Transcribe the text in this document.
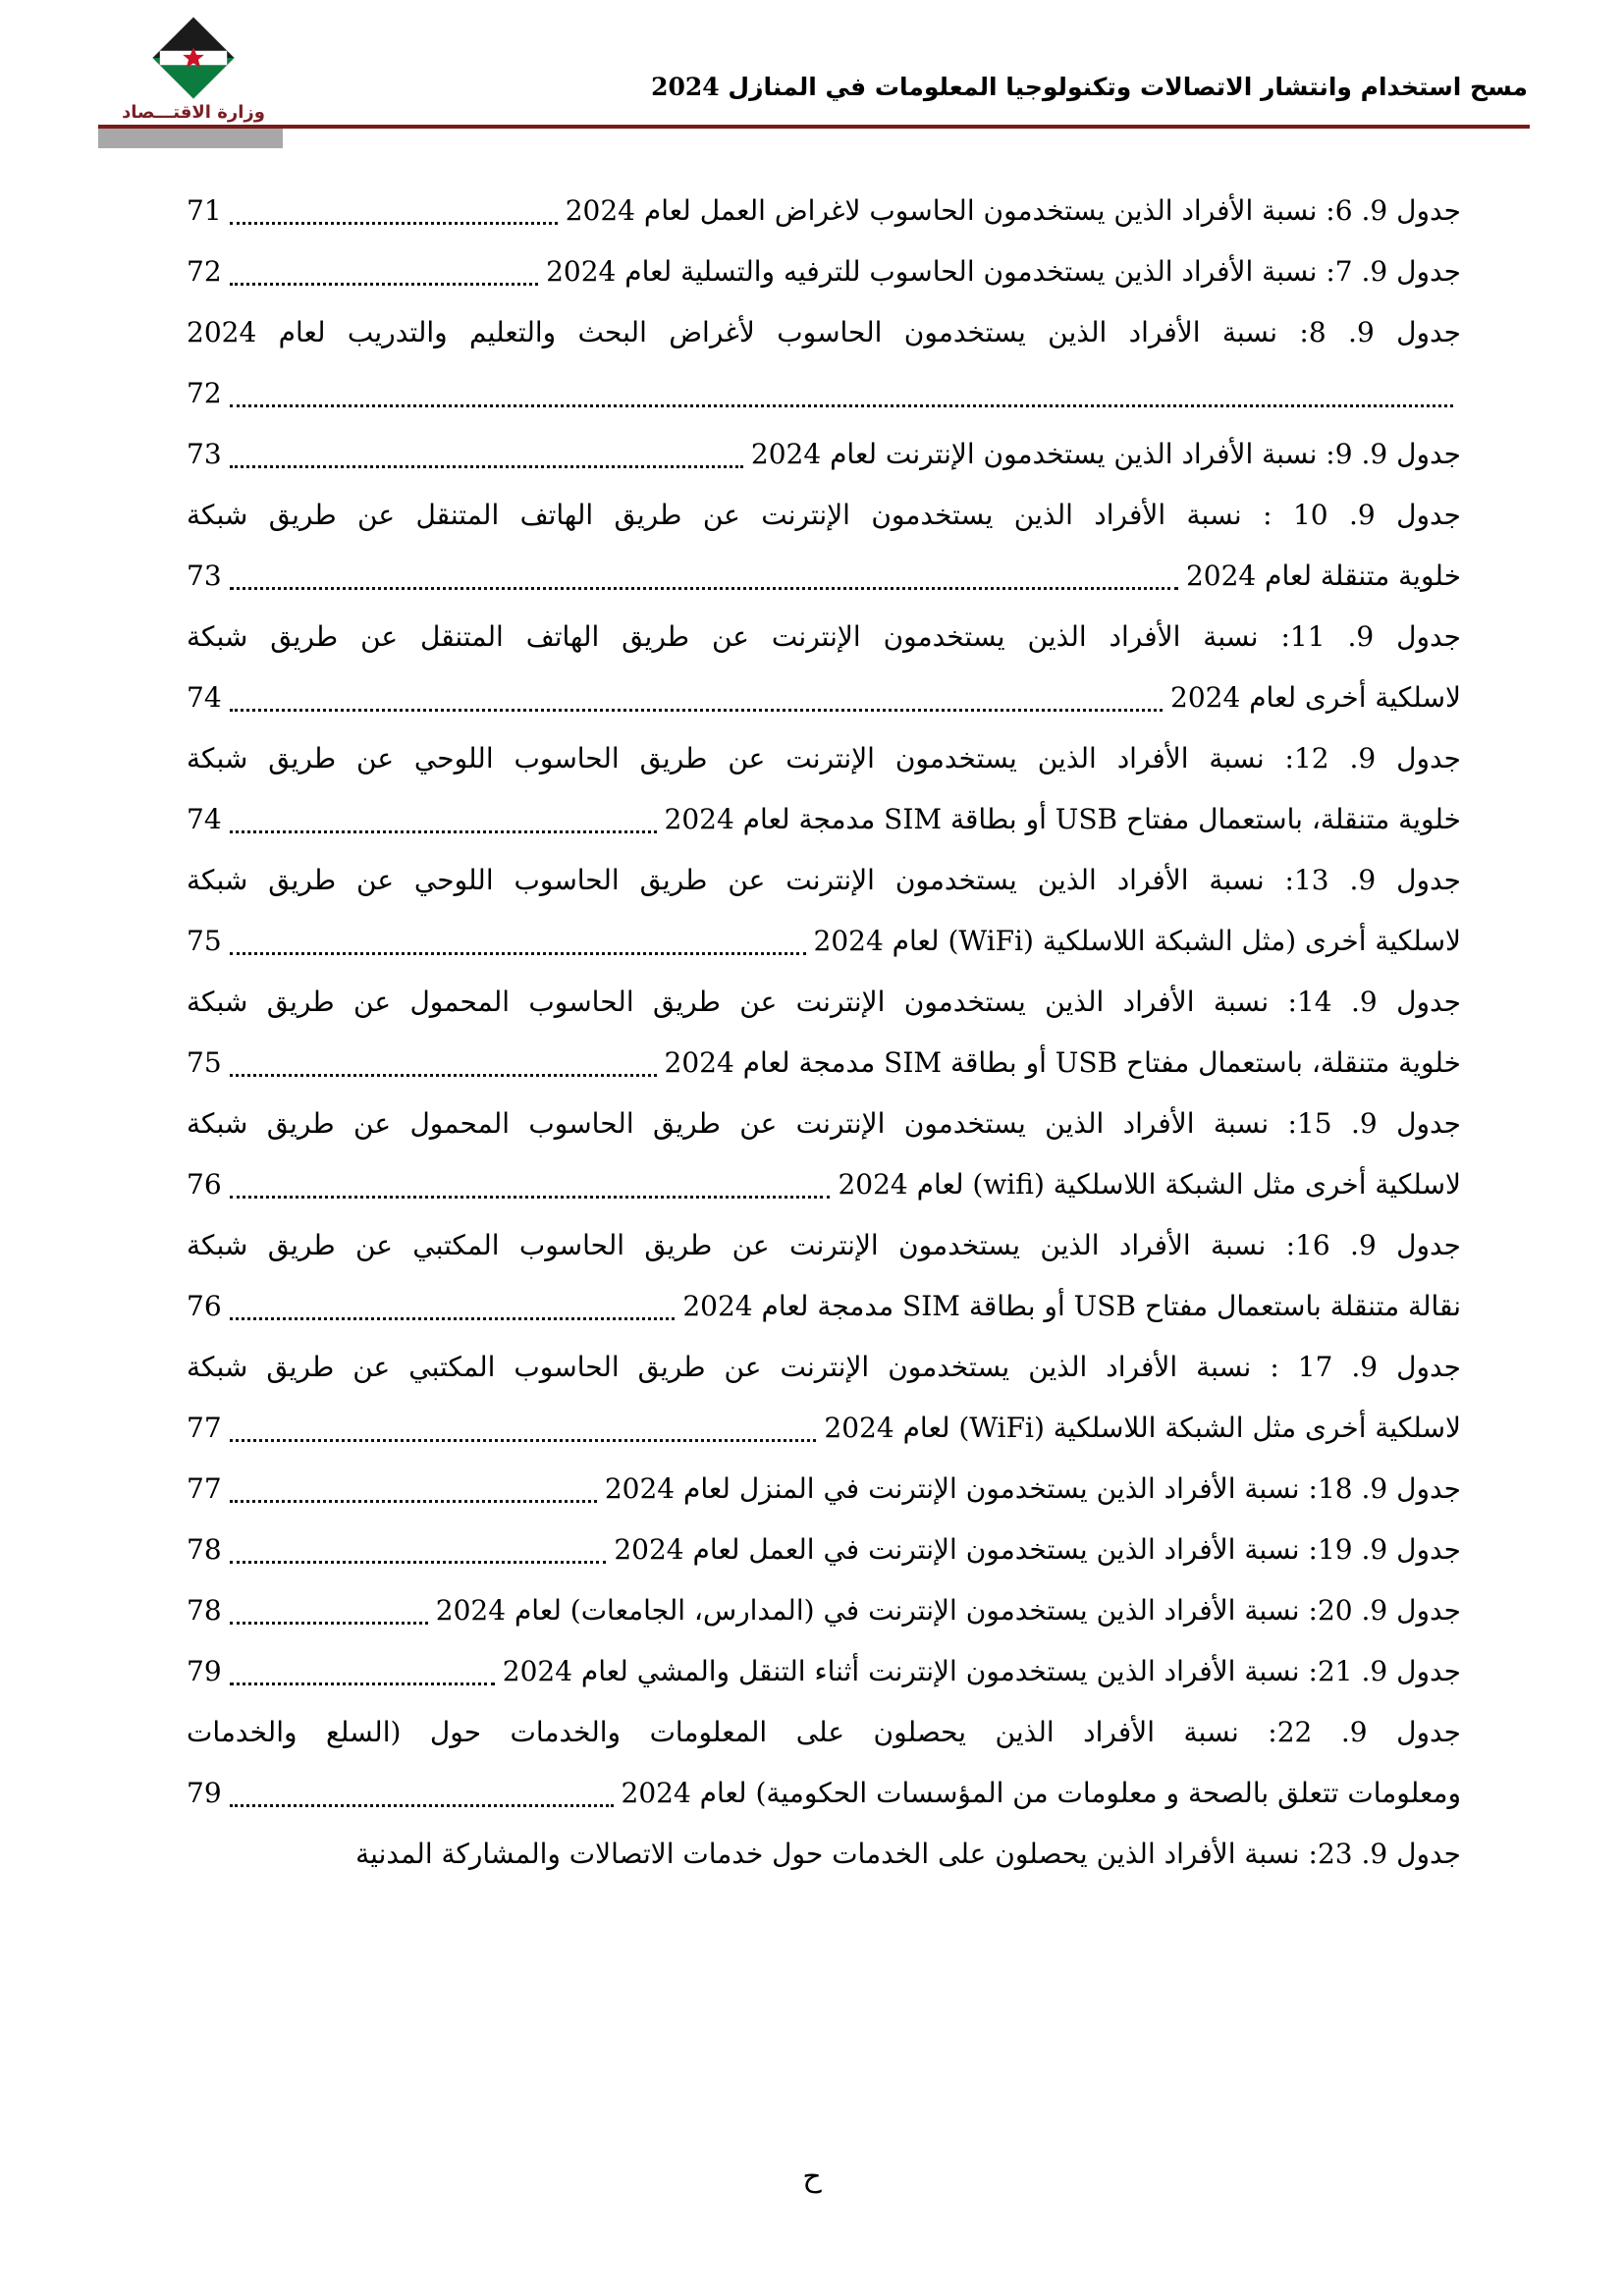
وزارة الاقتـــصاد
مسح استخدام وانتشار الاتصالات وتكنولوجيا المعلومات في المنازل 2024
جدول 9. 6: نسبة الأفراد الذين يستخدمون الحاسوب لاغراض العمل لعام 2024
71
جدول 9. 7: نسبة الأفراد الذين يستخدمون الحاسوب للترفيه والتسلية لعام 2024
72
جدول 9. 8: نسبة الأفراد الذين يستخدمون الحاسوب لأغراض البحث والتعليم والتدريب لعام 2024
72
جدول 9. 9: نسبة الأفراد الذين يستخدمون الإنترنت لعام 2024
73
جدول 9. 10 : نسبة الأفراد الذين يستخدمون الإنترنت عن طريق الهاتف المتنقل عن طريق شبكة
خلوية متنقلة لعام 2024
73
جدول 9. 11: نسبة الأفراد الذين يستخدمون الإنترنت عن طريق الهاتف المتنقل عن طريق شبكة
لاسلكية أخرى لعام 2024
74
جدول 9. 12: نسبة الأفراد الذين يستخدمون الإنترنت عن طريق الحاسوب اللوحي عن طريق شبكة
خلوية متنقلة، باستعمال مفتاح USB أو بطاقة SIM مدمجة لعام 2024
74
جدول 9. 13: نسبة الأفراد الذين يستخدمون الإنترنت عن طريق الحاسوب اللوحي عن طريق شبكة
لاسلكية أخرى (مثل الشبكة اللاسلكية (WiFi) لعام 2024
75
جدول 9. 14: نسبة الأفراد الذين يستخدمون الإنترنت عن طريق الحاسوب المحمول عن طريق شبكة
خلوية متنقلة، باستعمال مفتاح USB أو بطاقة SIM مدمجة لعام 2024
75
جدول 9. 15: نسبة الأفراد الذين يستخدمون الإنترنت عن طريق الحاسوب المحمول عن طريق شبكة
لاسلكية أخرى مثل الشبكة اللاسلكية (wifi) لعام 2024
76
جدول 9. 16: نسبة الأفراد الذين يستخدمون الإنترنت عن طريق الحاسوب المكتبي عن طريق شبكة
نقالة متنقلة باستعمال مفتاح USB أو بطاقة SIM مدمجة لعام 2024
76
جدول 9. 17 : نسبة الأفراد الذين يستخدمون الإنترنت عن طريق الحاسوب المكتبي عن طريق شبكة
لاسلكية أخرى مثل الشبكة اللاسلكية (WiFi) لعام 2024
77
جدول 9. 18: نسبة الأفراد الذين يستخدمون الإنترنت في المنزل لعام 2024
77
جدول 9. 19: نسبة الأفراد الذين يستخدمون الإنترنت في العمل لعام 2024
78
جدول 9. 20: نسبة الأفراد الذين يستخدمون الإنترنت في (المدارس، الجامعات) لعام 2024
78
جدول 9. 21: نسبة الأفراد الذين يستخدمون الإنترنت أثناء التنقل والمشي لعام 2024
79
جدول 9. 22: نسبة الأفراد الذين يحصلون على المعلومات والخدمات حول (السلع والخدمات
ومعلومات تتعلق بالصحة و معلومات من المؤسسات الحكومية) لعام 2024
79
جدول 9. 23: نسبة الأفراد الذين يحصلون على الخدمات حول خدمات الاتصالات والمشاركة المدنية
ح
